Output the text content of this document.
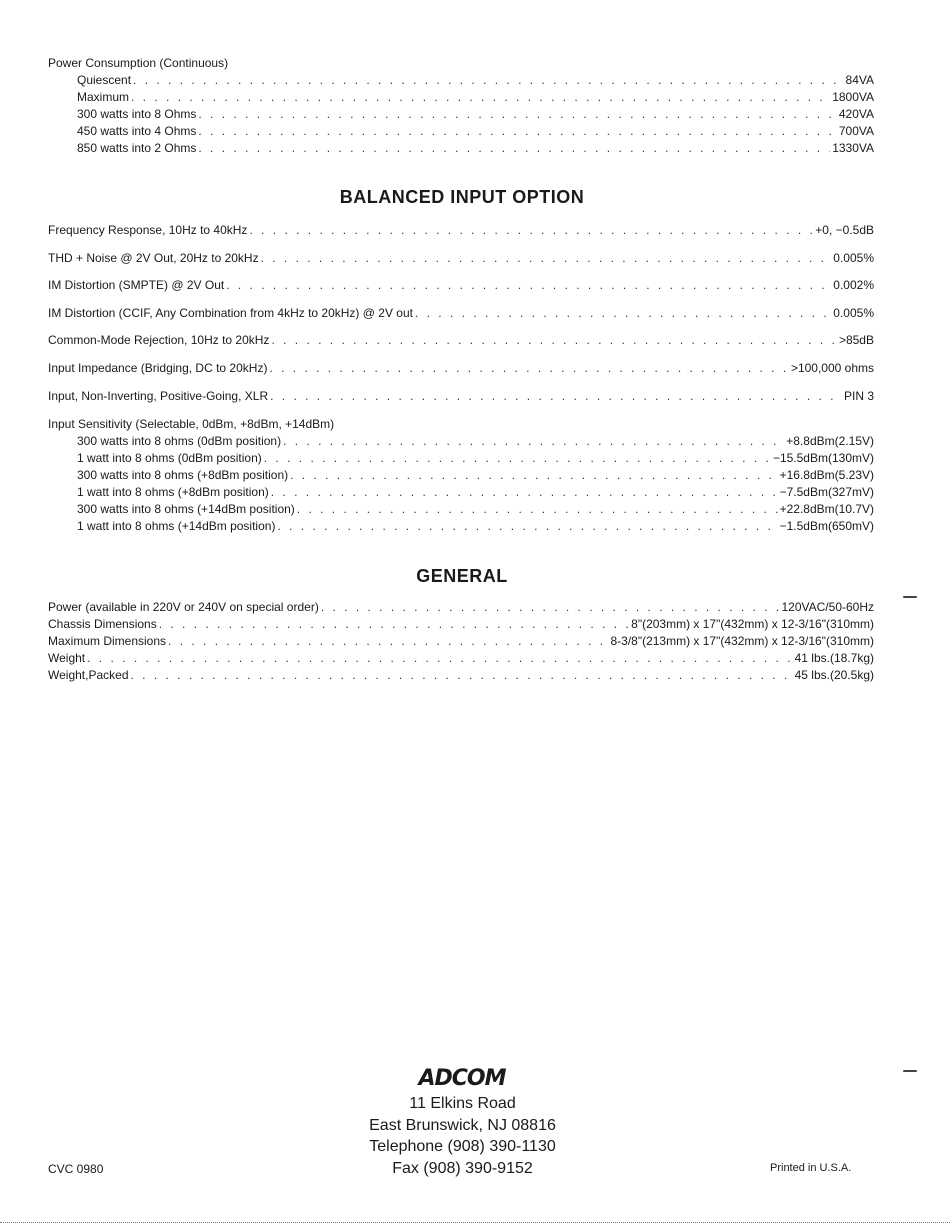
Power Consumption (Continuous)
Quiescent . . .	84VA
Maximum . . .	1800VA
300 watts into 8 Ohms . . .	420VA
450 watts into 4 Ohms . . .	700VA
850 watts into 2 Ohms . . .	1330VA
BALANCED INPUT OPTION
Frequency Response, 10Hz to 40kHz . . .	+0, −0.5dB
THD + Noise @ 2V Out, 20Hz to 20kHz . . .	0.005%
IM Distortion (SMPTE) @ 2V Out . . .	0.002%
IM Distortion (CCIF, Any Combination from 4kHz to 20kHz) @ 2V out . . .	0.005%
Common-Mode Rejection, 10Hz to 20kHz . . .	>85dB
Input Impedance (Bridging, DC to 20kHz) . . .	>100,000 ohms
Input, Non-Inverting, Positive-Going, XLR . . .	PIN 3
Input Sensitivity (Selectable, 0dBm, +8dBm, +14dBm)
300 watts into 8 ohms (0dBm position) . . .	+8.8dBm(2.15V)
1 watt into 8 ohms (0dBm position) . . .	−15.5dBm(130mV)
300 watts into 8 ohms (+8dBm position) . . .	+16.8dBm(5.23V)
1 watt into 8 ohms (+8dBm position) . . .	−7.5dBm(327mV)
300 watts into 8 ohms (+14dBm position) . . .	+22.8dBm(10.7V)
1 watt into 8 ohms (+14dBm position) . . .	−1.5dBm(650mV)
GENERAL
Power (available in 220V or 240V on special order) . . .	120VAC/50-60Hz
Chassis Dimensions . . .	8"(203mm) x 17"(432mm) x 12-3/16"(310mm)
Maximum Dimensions . . .	8-3/8"(213mm) x 17"(432mm) x 12-3/16"(310mm)
Weight . . .	41 lbs.(18.7kg)
Weight,Packed . . .	45 lbs.(20.5kg)
ADCOM
11 Elkins Road
East Brunswick, NJ 08816
Telephone (908) 390-1130
Fax (908) 390-9152
CVC 0980	Printed in U.S.A.
